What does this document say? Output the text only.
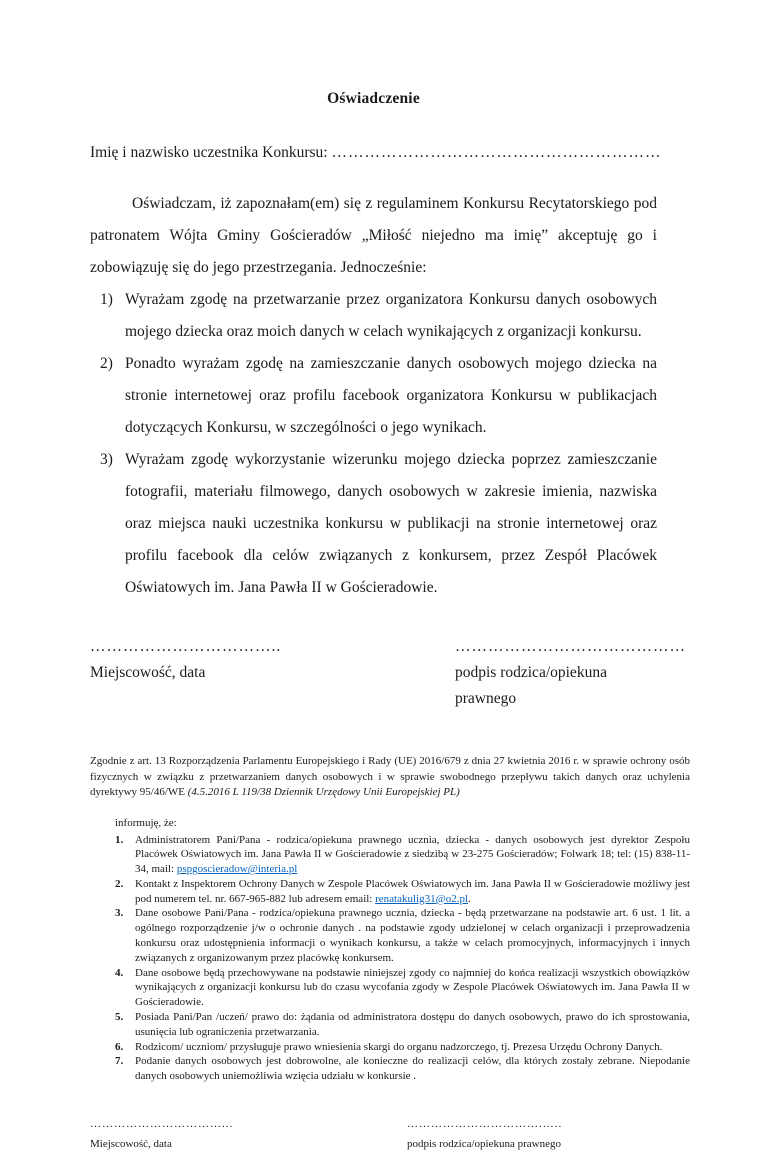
Oświadczenie

Imię i nazwisko uczestnika Konkursu: ……………………………………………………

Oświadczam, iż zapoznałam(em) się z regulaminem Konkursu Recytatorskiego pod patronatem Wójta Gminy Gościeradów „Miłość niejedno ma imię” akceptuję go i zobowiązuję się do jego przestrzegania. Jednocześnie:

1) Wyrażam zgodę na przetwarzanie przez organizatora Konkursu danych osobowych mojego dziecka oraz moich danych w celach wynikających z organizacji konkursu.
2) Ponadto wyrażam zgodę na zamieszczanie danych osobowych mojego dziecka na stronie internetowej oraz profilu facebook organizatora Konkursu w publikacjach dotyczących Konkursu, w szczególności o jego wynikach.
3) Wyrażam zgodę wykorzystanie wizerunku mojego dziecka poprzez zamieszczanie fotografii, materiału filmowego, danych osobowych w zakresie imienia, nazwiska oraz miejsca nauki uczestnika konkursu w publikacji na stronie internetowej oraz profilu facebook dla celów związanych z konkursem, przez Zespół Placówek Oświatowych im. Jana Pawła II w Gościeradowie.
……………………………..
Miejscowość, data
……………………………………
podpis rodzica/opiekuna prawnego

Zgodnie z art. 13 Rozporządzenia Parlamentu Europejskiego i Rady (UE) 2016/679 z dnia 27 kwietnia 2016 r. w sprawie ochrony osób fizycznych w związku z przetwarzaniem danych osobowych i w sprawie swobodnego przepływu takich danych oraz uchylenia dyrektywy 95/46/WE (4.5.2016 L 119/38 Dziennik Urzędowy Unii Europejskiej PL)

informuję, że:

1.	Administratorem Pani/Pana - rodzica/opiekuna prawnego ucznia, dziecka - danych osobowych jest dyrektor Zespołu Placówek Oświatowych im. Jana Pawła II w Gościeradowie z siedzibą w 23-275 Gościeradów; Folwark 18; tel: (15) 838-11-34, mail: pspgoscieradow@interia.pl
2.	Kontakt z Inspektorem Ochrony Danych w Zespole Placówek Oświatowych im. Jana Pawła II w Gościeradowie możliwy jest pod numerem tel. nr. 667-965-882 lub adresem email: renatakulig31@o2.pl.
3.	Dane osobowe Pani/Pana - rodzica/opiekuna prawnego ucznia, dziecka - będą przetwarzane na podstawie art. 6 ust. 1 lit. a ogólnego rozporządzenie j/w o ochronie danych . na podstawie zgody udzielonej w celach organizacji i przeprowadzenia konkursu oraz udostępnienia informacji o wynikach konkursu, a także w celach promocyjnych, informacyjnych i innych związanych z organizowanym przez placówkę konkursem.
4.	Dane osobowe będą przechowywane na podstawie niniejszej zgody co najmniej do końca realizacji wszystkich obowiązków wynikających z organizacji konkursu lub do czasu wycofania zgody w Zespole Placówek Oświatowych im. Jana Pawła II w Gościeradowie.
5.	Posiada Pani/Pan /uczeń/ prawo do: żądania od administratora dostępu do danych osobowych, prawo do ich sprostowania, usunięcia lub ograniczenia przetwarzania.
6.	Rodzicom/ uczniom/ przysługuje prawo wniesienia skargi do organu nadzorczego, tj. Prezesa Urzędu Ochrony Danych.
7.	Podanie danych osobowych jest dobrowolne, ale konieczne do realizacji celów, dla których zostały zebrane. Niepodanie danych osobowych uniemożliwia wzięcia udziału w konkursie .
……………………………...
Miejscowość, data
…………………………….…..
podpis rodzica/opiekuna prawnego
